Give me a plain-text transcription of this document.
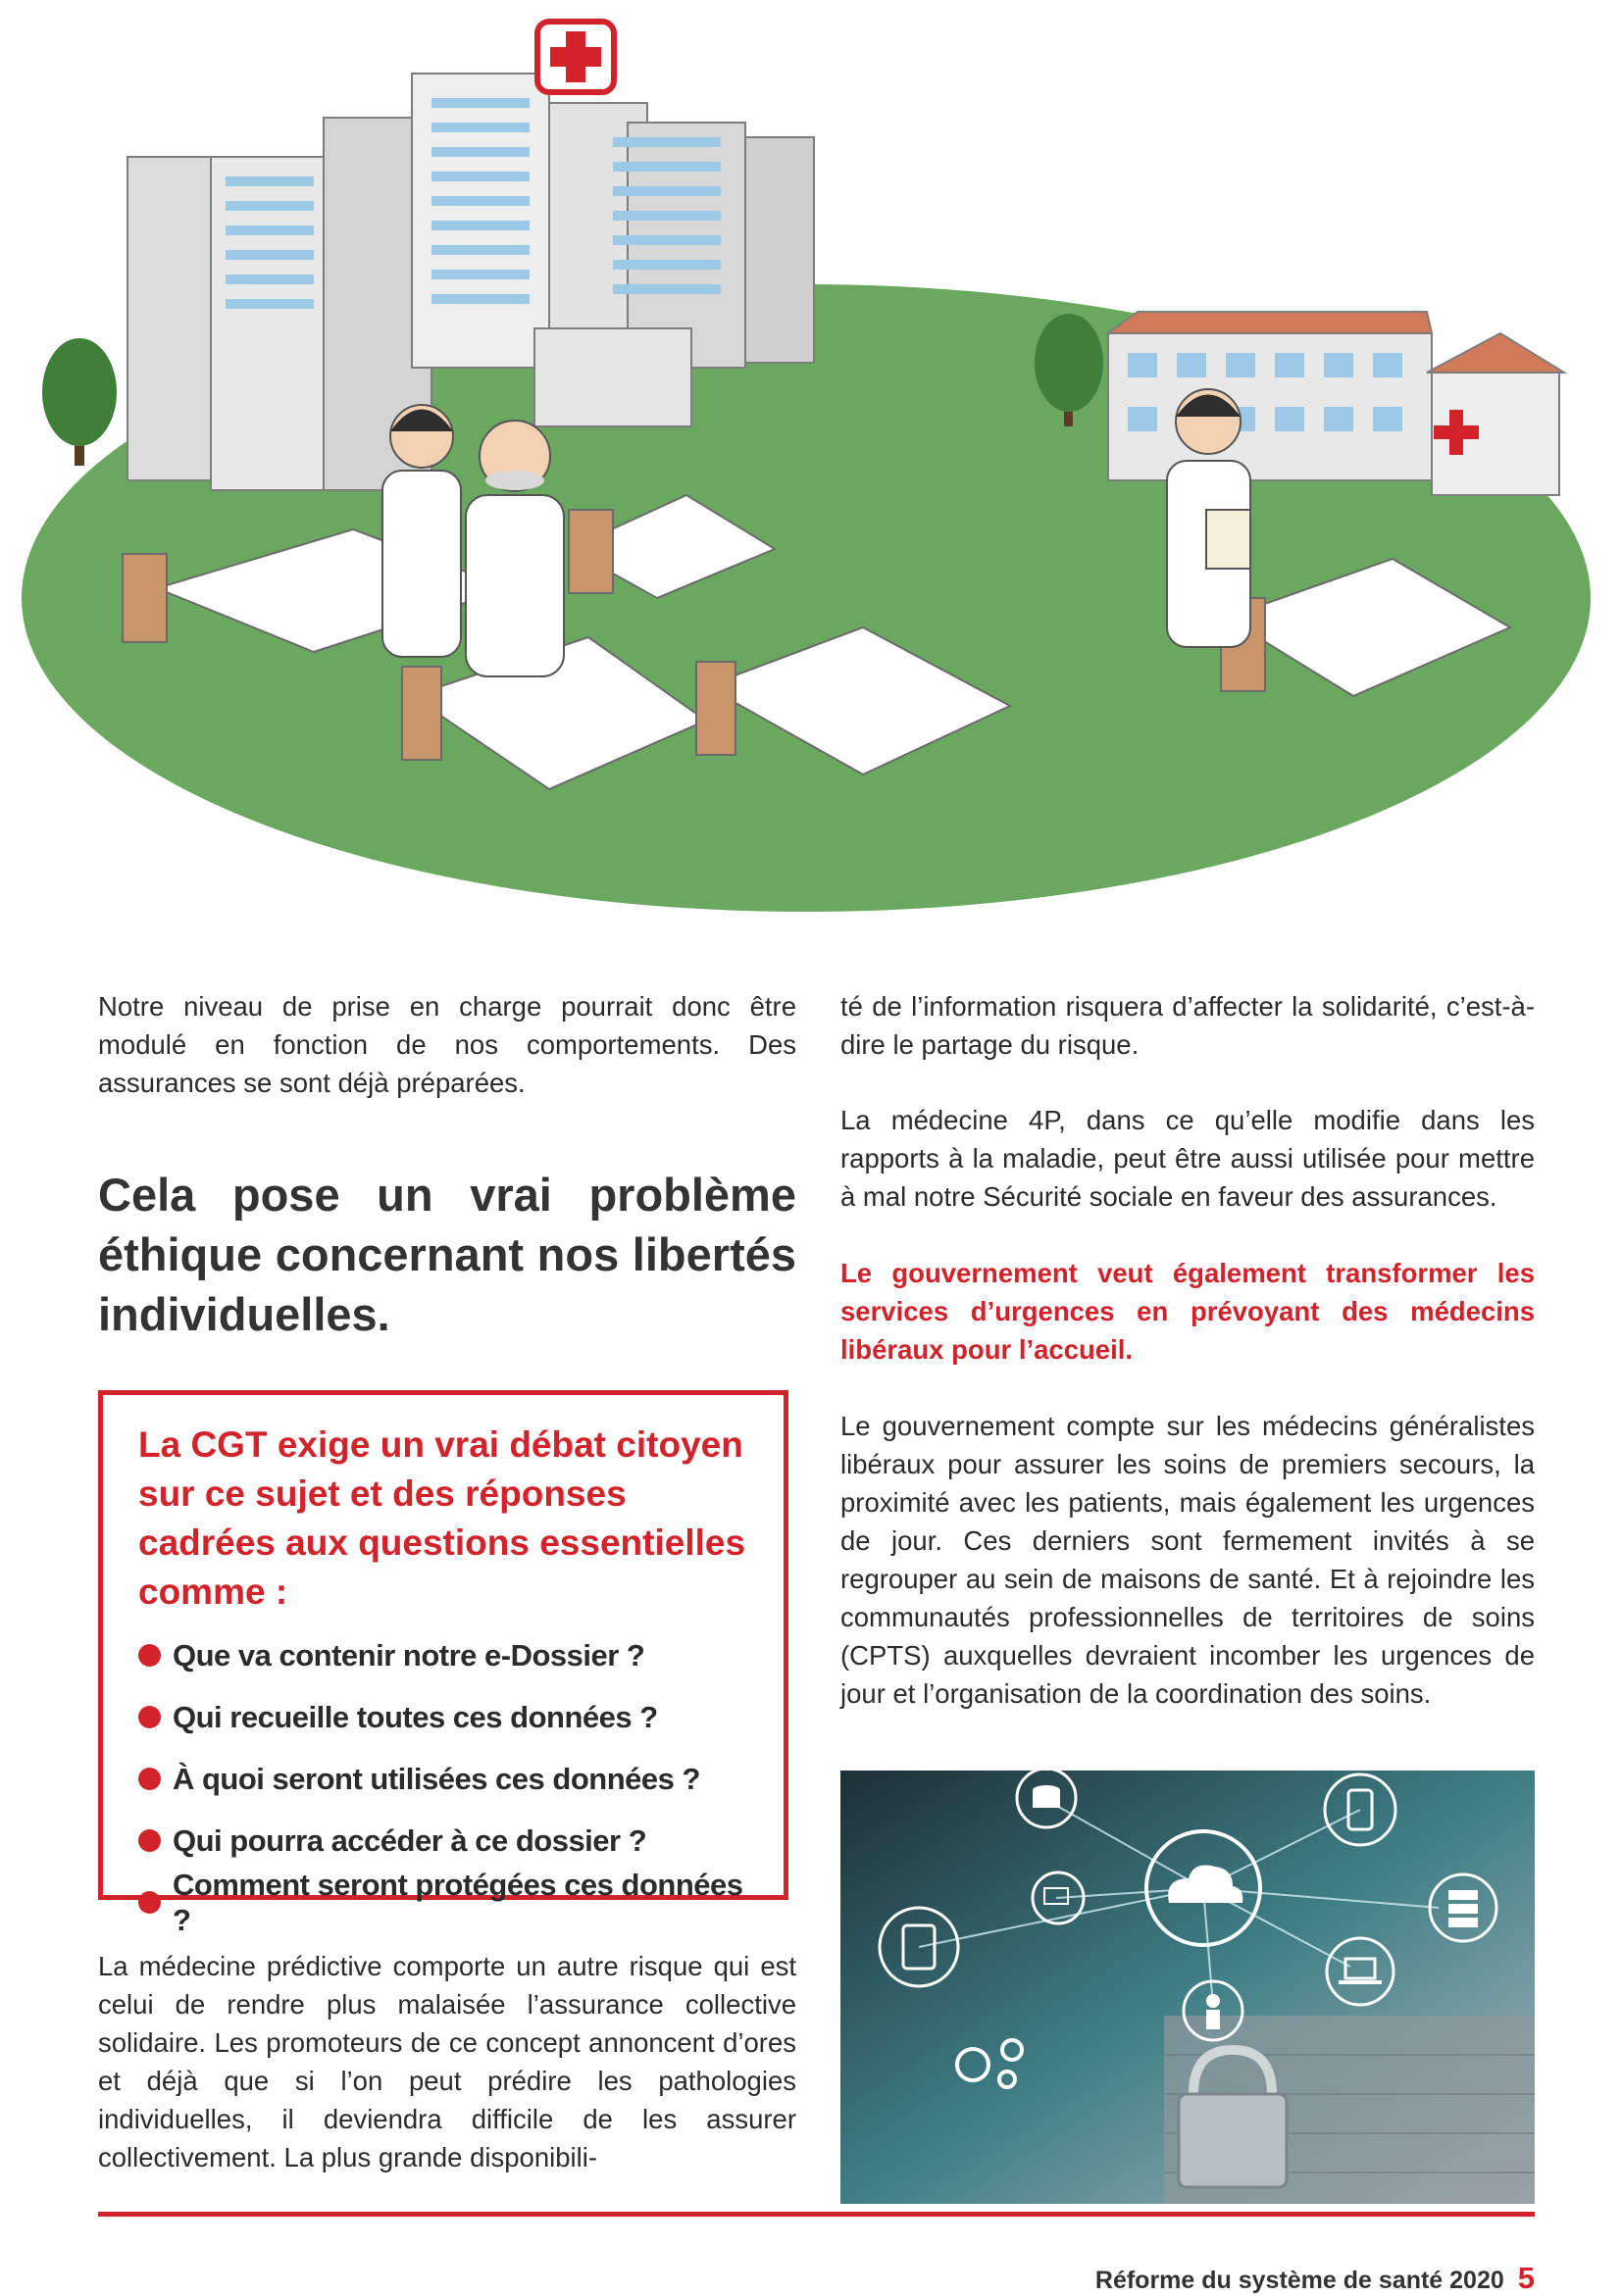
Notre niveau de prise en charge pourrait donc être modulé en fonction de nos comportements. Des assurances se sont déjà préparées.

Cela pose un vrai problème éthique concernant nos libertés individuelles.

La CGT exige un vrai débat citoyen sur ce sujet et des réponses cadrées aux questions essentielles comme :

Que va contenir notre e-Dossier ?
Qui recueille toutes ces données ?
À quoi seront utilisées ces données ?
Qui pourra accéder à ce dossier ?
Comment seront protégées ces données ?

La médecine prédictive comporte un autre risque qui est celui de rendre plus malaisée l’assurance collective solidaire. Les promoteurs de ce concept annoncent d’ores et déjà que si l’on peut prédire les pathologies individuelles, il deviendra difficile de les assurer collectivement. La plus grande disponibili-

té de l’information risquera d’affecter la solidarité, c’est-à-dire le partage du risque.

La médecine 4P, dans ce qu’elle modifie dans les rapports à la maladie, peut être aussi utilisée pour mettre à mal notre Sécurité sociale en faveur des assurances.

Le gouvernement veut également transformer les services d’urgences en prévoyant des médecins libéraux pour l’accueil.

Le gouvernement compte sur les médecins généralistes libéraux pour assurer les soins de premiers secours, la proximité avec les patients, mais également les urgences de jour. Ces derniers sont fermement invités à se regrouper au sein de maisons de santé. Et à rejoindre les communautés professionnelles de territoires de soins (CPTS) auxquelles devraient incomber les urgences de jour et l’organisation de la coordination des soins.

Réforme du système de santé 2020 5
